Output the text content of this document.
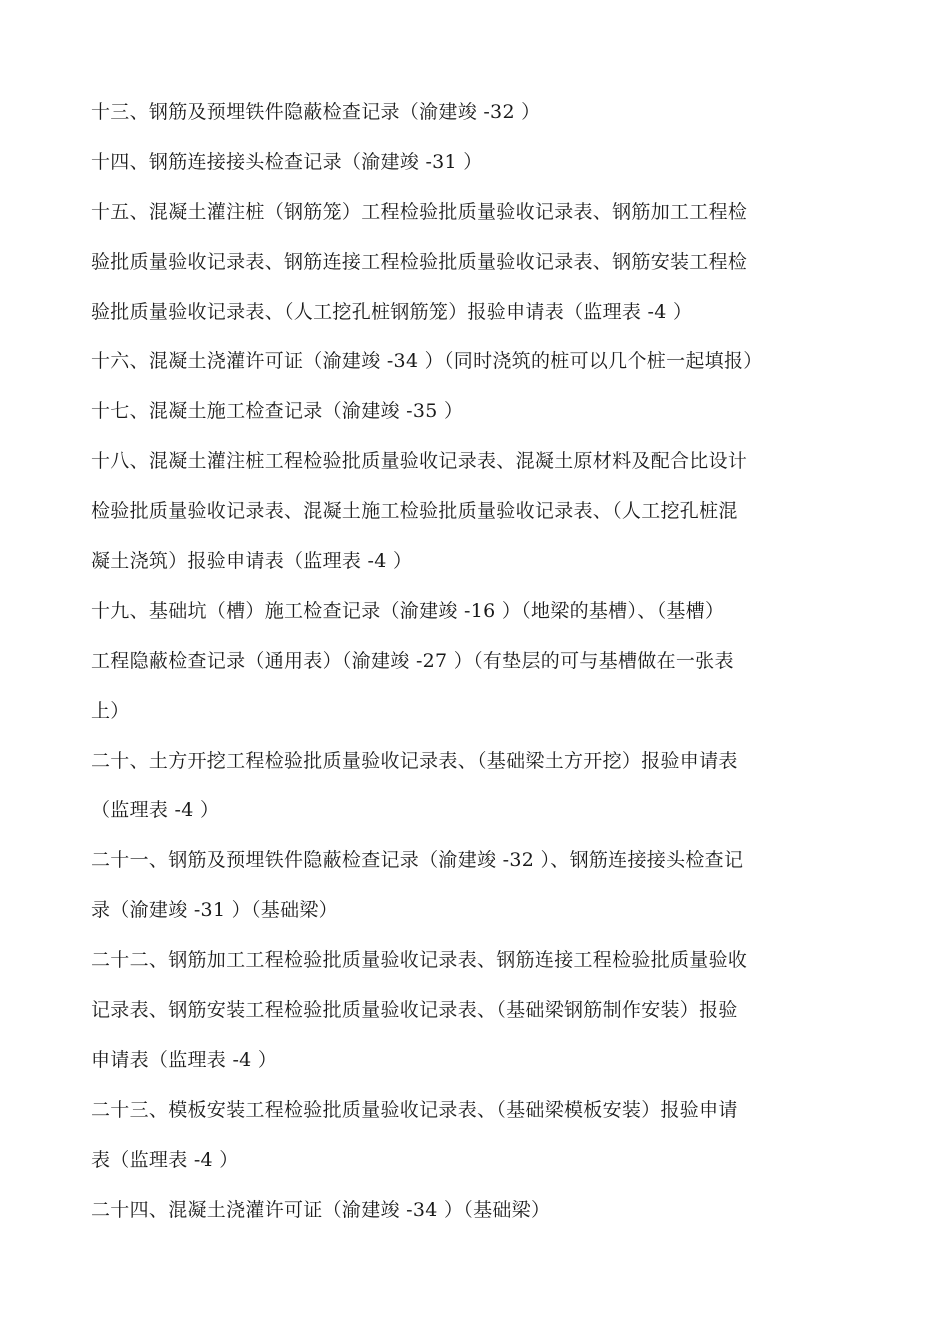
十三、钢筋及预埋铁件隐蔽检查记录（渝建竣 -32 ）
十四、钢筋连接接头检查记录（渝建竣 -31 ）
十五、混凝土灌注桩（钢筋笼）工程检验批质量验收记录表、钢筋加工工程检
验批质量验收记录表、钢筋连接工程检验批质量验收记录表、钢筋安装工程检
验批质量验收记录表、（人工挖孔桩钢筋笼）报验申请表（监理表 -4 ）
十六、混凝土浇灌许可证（渝建竣 -34 ）（同时浇筑的桩可以几个桩一起填报）
十七、混凝土施工检查记录（渝建竣 -35 ）
十八、混凝土灌注桩工程检验批质量验收记录表、混凝土原材料及配合比设计
检验批质量验收记录表、混凝土施工检验批质量验收记录表、（人工挖孔桩混
凝土浇筑）报验申请表（监理表 -4 ）
十九、基础坑（槽）施工检查记录（渝建竣 -16 ）（地梁的基槽）、（基槽）
工程隐蔽检查记录（通用表）（渝建竣 -27 ）（有垫层的可与基槽做在一张表
上）
二十、土方开挖工程检验批质量验收记录表、（基础梁土方开挖）报验申请表
（监理表 -4 ）
二十一、钢筋及预埋铁件隐蔽检查记录（渝建竣 -32 ）、钢筋连接接头检查记
录（渝建竣 -31 ）（基础梁）
二十二、钢筋加工工程检验批质量验收记录表、钢筋连接工程检验批质量验收
记录表、钢筋安装工程检验批质量验收记录表、（基础梁钢筋制作安装）报验
申请表（监理表 -4 ）
二十三、模板安装工程检验批质量验收记录表、（基础梁模板安装）报验申请
表（监理表 -4 ）
二十四、混凝土浇灌许可证（渝建竣 -34 ）（基础梁）
